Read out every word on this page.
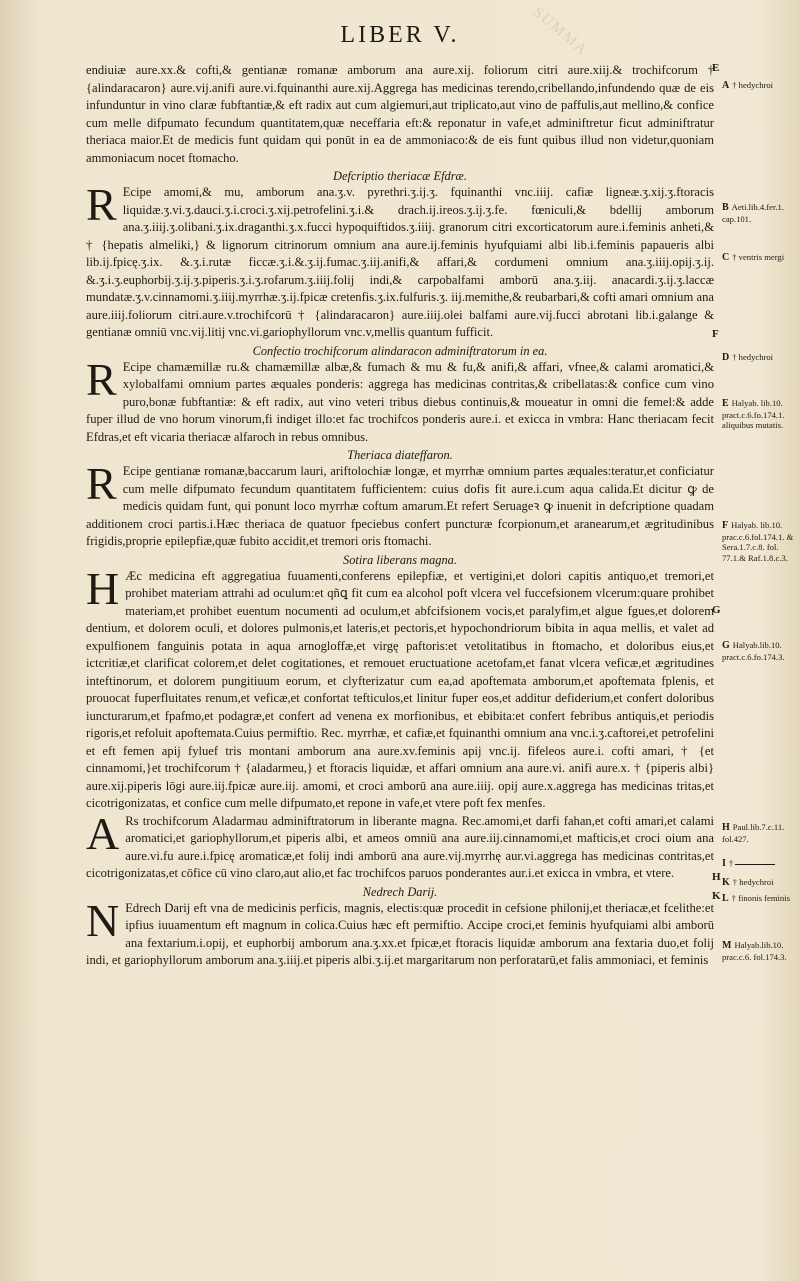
SUMMA
LIBER V.

endiuiæ aure.xx.& cofti,& gentianæ romanæ amborum ana aure.xij. foliorum citri aure.xiij.& trochifcorum † {alindaracaron} aure.vij.anifi aure.vi.fquinanthi aure.xij.Aggrega has medicinas terendo,cribellando,infundendo quæ de eis infunduntur in vino claræ fubftantiæ,& eft radix aut cum algiemuri,aut triplicato,aut vino de paffulis,aut mellino,& confice cum melle difpumato fecundum quantitatem,quæ neceffaria eft:& reponatur in vafe,et adminiftretur ficut adminiftratur theriaca maior.Et de medicis funt quidam qui ponūt in ea de ammoniaco:& de eis funt quibus illud non videtur,quoniam ammoniacum nocet ftomacho.

Defcriptio theriacæ Efdræ.

R Ecipe amomi,& mu, amborum ana.ʒ.v. pyrethri.ʒ.ij.ʒ. fquinanthi vnc.iiij. cafiæ ligneæ.ʒ.xij.ʒ.ftoracis liquidæ.ʒ.vi.ʒ.dauci.ʒ.i.croci.ʒ.xij.petrofelini.ʒ.i.& drach.ij.ireos.ʒ.ij.ʒ.fe. fœniculi,& bdellij amborum ana.ʒ.iiij.ʒ.olibani.ʒ.ix.draganthi.ʒ.x.fucci hypoquiftidos.ʒ.iiij. granorum citri excorticatorum aure.i.feminis anheti,& † {hepatis almeliki,} & lignorum citrinorum omnium ana aure.ij.feminis hyufquiami albi lib.i.feminis papaueris albi lib.ij.fpicę.ʒ.ix. &.ʒ.i.rutæ ficcæ.ʒ.i.&.ʒ.ij.fumac.ʒ.iij.anifi,& affari,& cordumeni omnium ana.ʒ.iiij.opij.ʒ.ij. &.ʒ.i.ʒ.euphorbij.ʒ.ij.ʒ.piperis.ʒ.i.ʒ.rofarum.ʒ.iiij.folij indi,& carpobalfami amborū ana.ʒ.iij. anacardi.ʒ.ij.ʒ.laccæ mundatæ.ʒ.v.cinnamomi.ʒ.iiij.myrrhæ.ʒ.ij.fpicæ cretenfis.ʒ.ix.fulfuris.ʒ. iij.memithe,& reubarbari,& cofti amari omnium ana aure.iiij.foliorum citri.aure.v.trochifcorū † {alindaracaron} aure.iiij.olei balfami aure.vij.fucci abrotani lib.i.galange & gentianæ omniū vnc.vij.litij vnc.vi.gariophyllorum vnc.v,mellis quantum fufficit.

Confectio trochifcorum alindaracon adminiftratorum in ea.

R Ecipe chamæmillæ ru.& chamæmillæ albæ,& fumach & mu & fu,& anifi,& affari, vfnee,& calami aromatici,& xylobalfami omnium partes æquales ponderis: aggrega has medicinas contritas,& cribellatas:& confice cum vino puro,bonæ fubftantiæ: & eft radix, aut vino veteri tribus diebus continuis,& moueatur in omni die femel:& adde fuper illud de vno horum vinorum,fi indiget illo:et fac trochifcos ponderis aure.i. et exicca in vmbra: Hanc theriacam fecit Efdras,et eft vicaria theriacæ alfaroch in rebus omnibus.

Theriaca diateffaron.

R Ecipe gentianæ romanæ,baccarum lauri, ariftolochiæ longæ, et myrrhæ omnium partes æquales:teratur,et conficiatur cum melle difpumato fecundum quantitatem fufficientem: cuius dofis fit aure.i.cum aqua calida.Et dicitur ꝙ de medicis quidam funt, qui ponunt loco myrrhæ coftum amarum.Et refert Seruageꝛ ꝙ inuenit in defcriptione quadam additionem croci partis.i.Hæc theriaca de quatuor fpeciebus confert puncturæ fcorpionum,et aranearum,et ægritudinibus frigidis,proprie epilepfiæ,quæ fubito accidit,et tremori oris ftomachi.

Sotira liberans magna.

H Æc medicina eft aggregatiua fuuamenti,conferens epilepfiæ, et vertigini,et dolori capitis antiquo,et tremori,et prohibet materiam attrahi ad oculum:et qñꝗ fit cum ea alcohol poft vlcera vel fuccefsionem vlcerum:quare prohibet materiam,et prohibet euentum nocumenti ad oculum,et abfcifsionem vocis,et paralyfim,et algue fgues,et dolorem dentium, et dolorem oculi, et dolores pulmonis,et lateris,et pectoris,et hypochondriorum bibita in aqua mellis, et valet ad expulfionem fanguinis potata in aqua arnogloffæ,et virgę paftoris:et vetolitatibus in ftomacho, et doloribus eius,et ictcritiæ,et clarificat colorem,et delet cogitationes, et remouet eructuatione acetofam,et fanat vlcera veficæ,et ægritudines inteftinorum, et dolorem pungitiuum eorum, et clyfterizatur cum ea,ad apoftemata amborum,et apoftemata fplenis, et prouocat fuperfluitates renum,et veficæ,et confortat tefticulos,et linitur fuper eos,et additur defiderium,et confert doloribus iuncturarum,et fpafmo,et podagræ,et confert ad venena ex morfionibus, et ebibita:et confert febribus antiquis,et periodis rigoris,et refoluit apoftemata.Cuius permiftio. Rec. myrrhæ, et cafiæ,et fquinanthi omnium ana vnc.i.ʒ.caftorei,et petrofelini et eft femen apij fyluef tris montani amborum ana aure.xv.feminis apij vnc.ij. fifeleos aure.i. cofti amari, † {et cinnamomi,}et trochifcorum † {aladarmeu,} et ftoracis liquidæ, et affari omnium ana aure.vi. anifi aure.x. † {piperis albi} aure.xij.piperis lōgi aure.iij.fpicæ aure.iij. amomi, et croci amborū ana aure.iiij. opij aure.x.aggrega has medicinas tritas,et cicotrigonizatas, et confice cum melle difpumato,et repone in vafe,et vtere poft fex menfes.

A Rs trochifcorum Aladarmau adminiftratorum in liberante magna. Rec.amomi,et darfi fahan,et cofti amari,et calami aromatici,et gariophyllorum,et piperis albi, et ameos omniū ana aure.iij.cinnamomi,et mafticis,et croci oium ana aure.vi.fu aure.i.fpicę aromaticæ,et folij indi amborū ana aure.vij.myrrhę aur.vi.aggrega has medicinas contritas,et cicotrigonizatas,et cōfice cū vino claro,aut alio,et fac trochifcos paruos ponderantes aur.i.et exicca in vmbra, et vtere.

Nedrech Darij.

N Edrech Darij eft vna de medicinis perficis, magnis, electis:quæ procedit in cefsione philonij,et theriacæ,et fcelithe:et ipfius iuuamentum eft magnum in colica.Cuius hæc eft permiftio. Accipe croci,et feminis hyufquiami albi amborū ana fextarium.i.opij, et euphorbij amborum ana.ʒ.xx.et fpicæ,et ftoracis liquidæ amborum ana fextaria duo,et folij indi, et gariophyllorum amborum ana.ʒ.iiij.et piperis albi.ʒ.ij.et margaritarum non perforatarū,et falis ammoniaci, et feminis

E
F
G
H
K
A † hedychroi
B Aeti.lib.4.fer.1. cap.101.
C † ventris mergi
D † hedychroi
E Halyab. lib.10. pract.c.6.fo.174.1. aliquibus mutatis.
F Halyab. lib.10. prac.c.6.fol.174.1. & Sera.1.7.c.8. fol. 77.1.& Raf.1.8.c.3.
G Halyab.lib.10. pract.c.6.fo.174.3.
H Paul.lib.7.c.11. fol.427.
I †
K † hedychroi
L † finonis feminis
M Halyab.lib.10. prac.c.6. fol.174.3.
